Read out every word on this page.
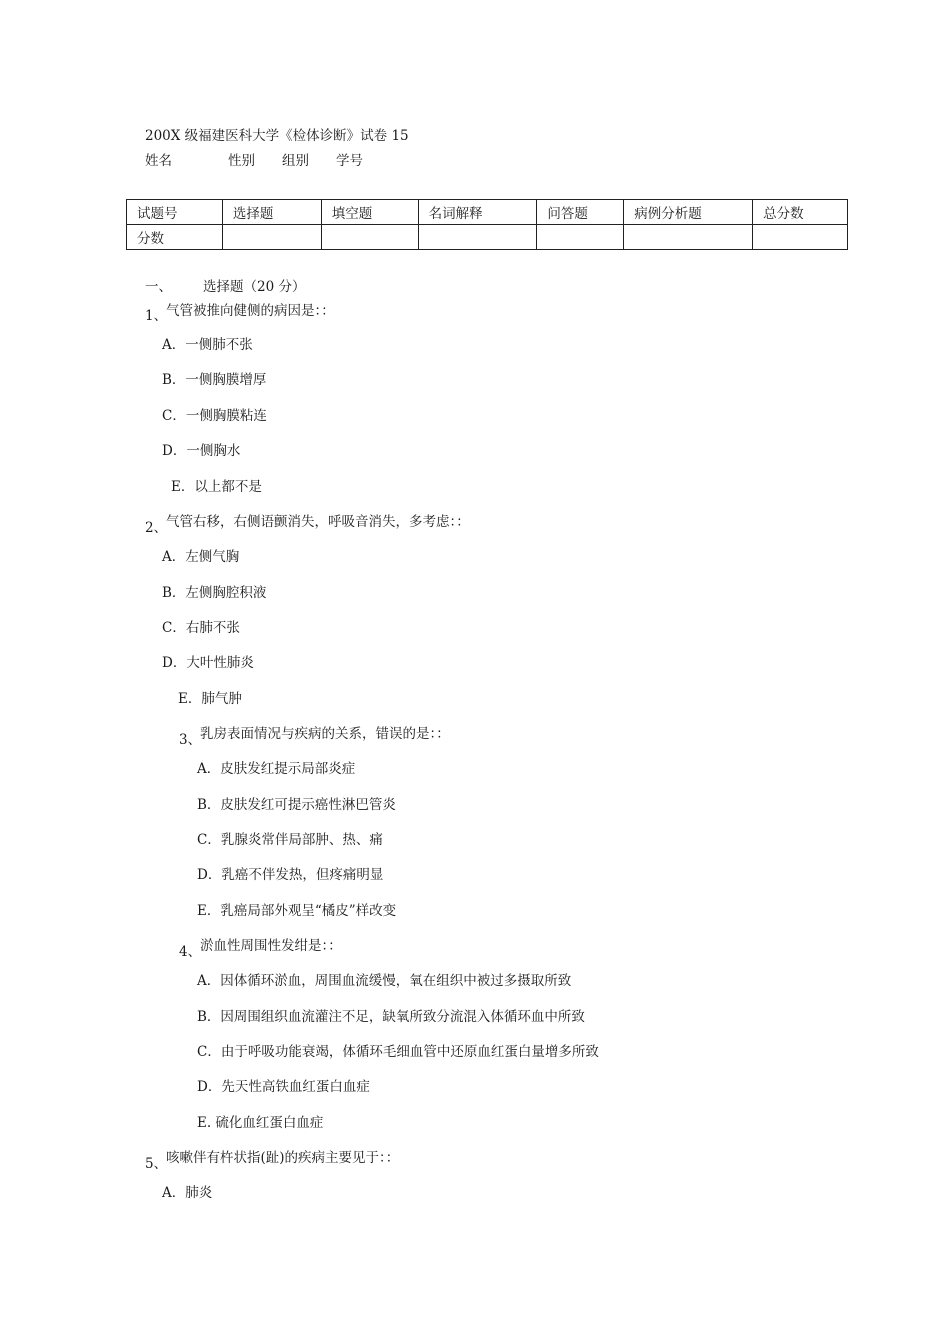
200X 级福建医科大学《检体诊断》试卷 15
姓名	性别 组别 学号
试题号	选择题	填空题	名词解释	问答题	病例分析题	总分数
分数						
一、 选择题（20 分）
1、
气管被推向健侧的病因是：：
A．一侧肺不张
B．一侧胸膜增厚
C．一侧胸膜粘连
D．一侧胸水
E．以上都不是
2、
气管右移，右侧语颤消失，呼吸音消失，多考虑：：
A．左侧气胸
B．左侧胸腔积液
C．右肺不张
D．大叶性肺炎
E．肺气肿
3、
乳房表面情况与疾病的关系，错误的是：：
A．皮肤发红提示局部炎症
B．皮肤发红可提示癌性淋巴管炎
C．乳腺炎常伴局部肿、热、痛
D．乳癌不伴发热，但疼痛明显
E．乳癌局部外观呈“橘皮”样改变
4、
淤血性周围性发绀是：：
A．因体循环淤血，周围血流缓慢，氧在组织中被过多摄取所致
B．因周围组织血流灌注不足，缺氧所致分流混入体循环血中所致
C．由于呼吸功能衰竭，体循环毛细血管中还原血红蛋白量增多所致
D．先天性高铁血红蛋白血症
E. 硫化血红蛋白血症
5、
咳嗽伴有杵状指(趾)的疾病主要见于：：
A．肺炎
